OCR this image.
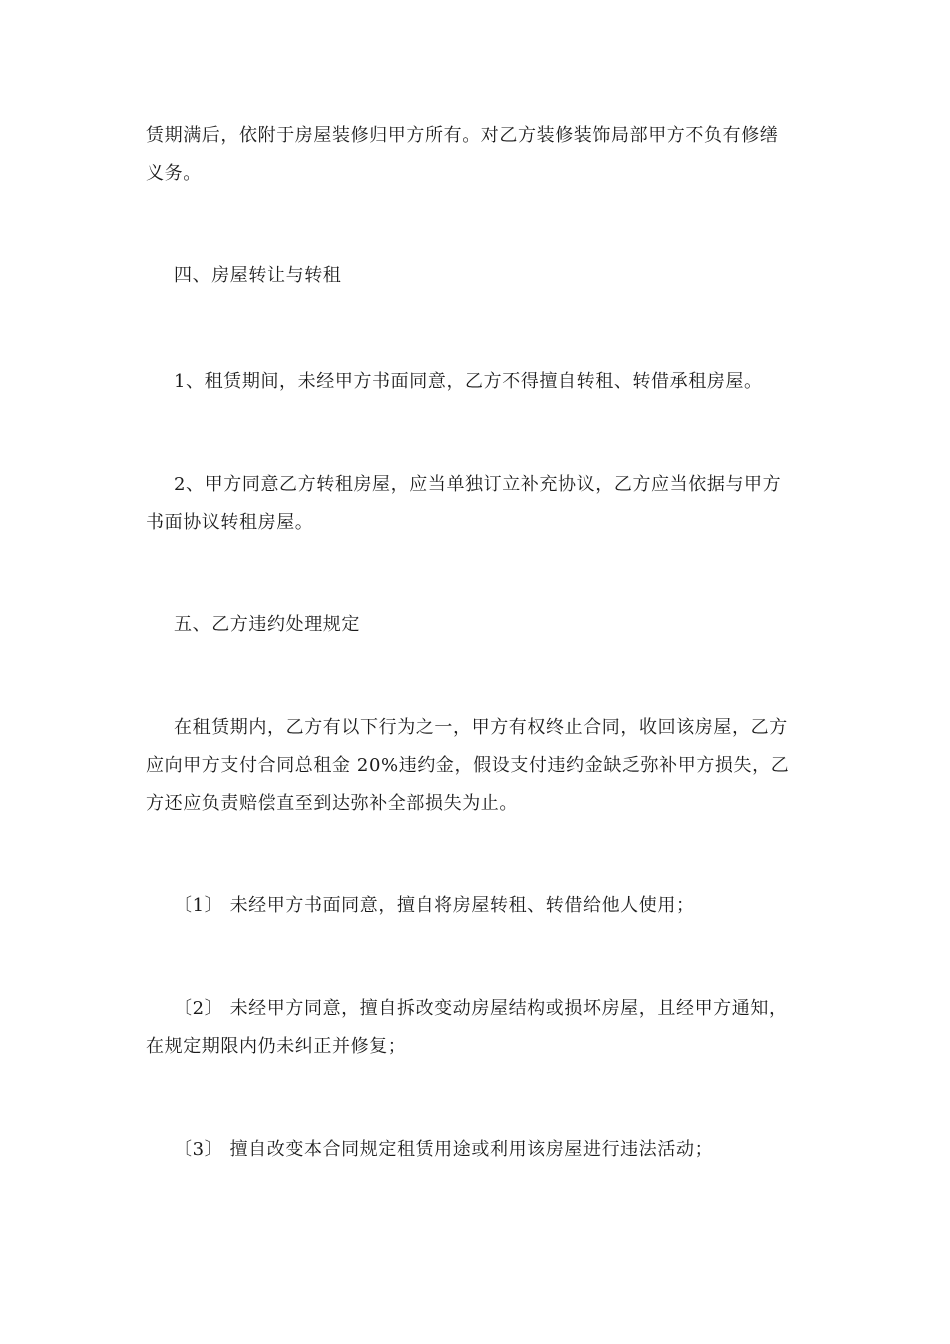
赁期满后，依附于房屋装修归甲方所有。对乙方装修装饰局部甲方不负有修缮
义务。

四、房屋转让与转租

1、租赁期间，未经甲方书面同意，乙方不得擅自转租、转借承租房屋。

2、甲方同意乙方转租房屋，应当单独订立补充协议，乙方应当依据与甲方
书面协议转租房屋。

五、乙方违约处理规定

在租赁期内，乙方有以下行为之一，甲方有权终止合同，收回该房屋，乙方
应向甲方支付合同总租金 20%违约金，假设支付违约金缺乏弥补甲方损失，乙
方还应负责赔偿直至到达弥补全部损失为止。

〔1〕 未经甲方书面同意，擅自将房屋转租、转借给他人使用；

〔2〕 未经甲方同意，擅自拆改变动房屋结构或损坏房屋，且经甲方通知，
在规定期限内仍未纠正并修复；

〔3〕 擅自改变本合同规定租赁用途或利用该房屋进行违法活动；
